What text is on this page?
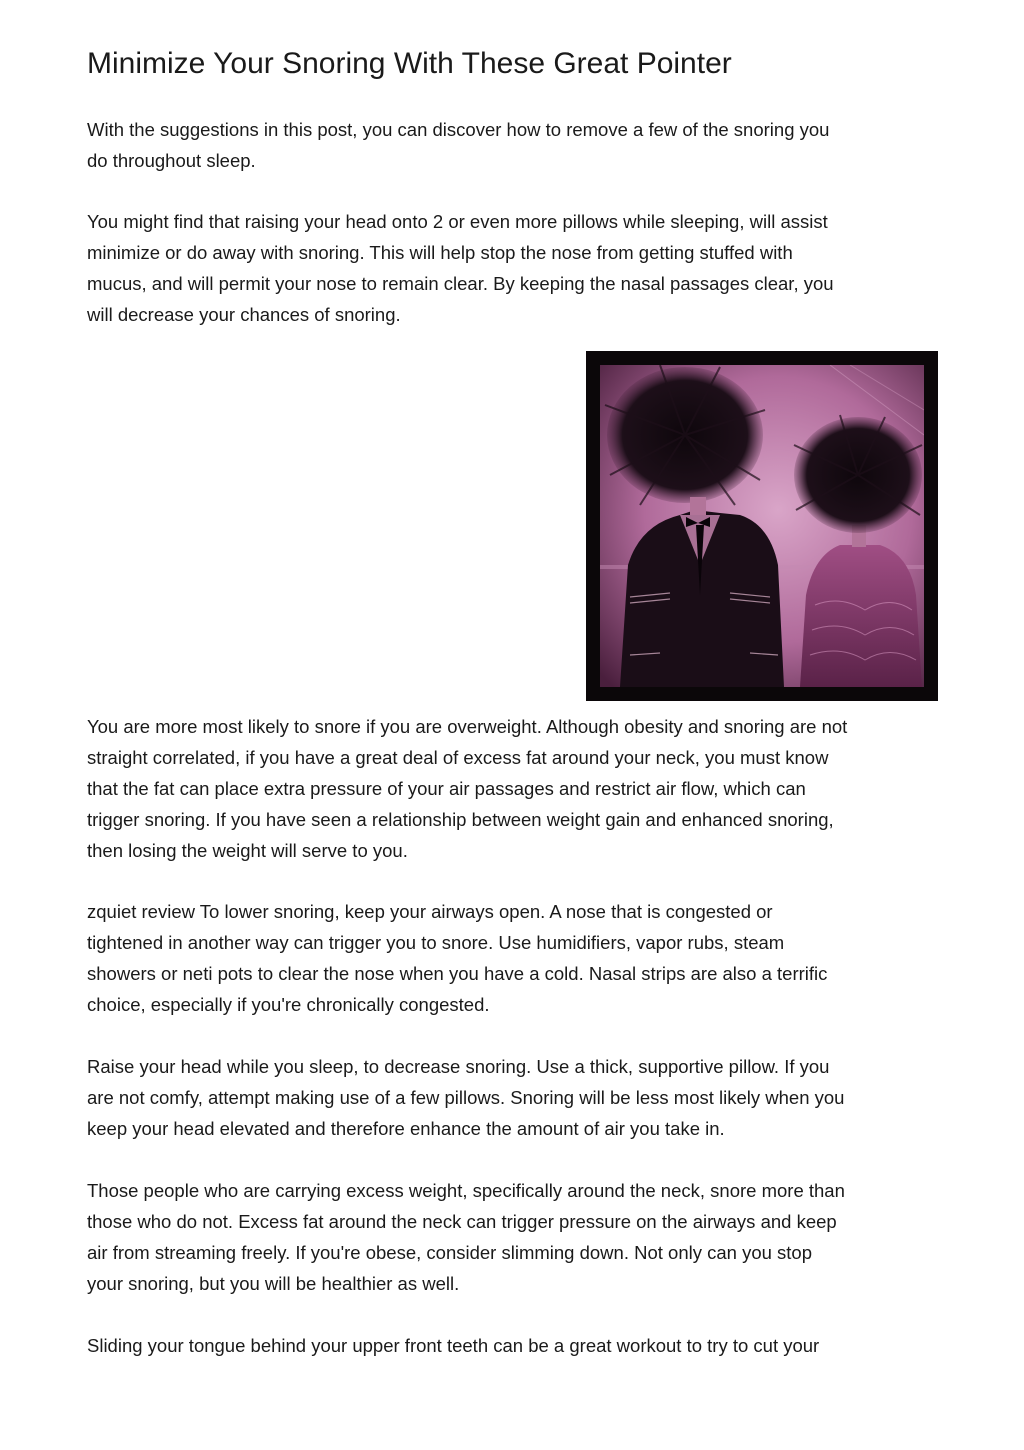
Minimize Your Snoring With These Great Pointer

With the suggestions in this post, you can discover how to remove a few of the snoring you
do throughout sleep.

You might find that raising your head onto 2 or even more pillows while sleeping, will assist
minimize or do away with snoring. This will help stop the nose from getting stuffed with
mucus, and will permit your nose to remain clear. By keeping the nasal passages clear, you
will decrease your chances of snoring.

You are more most likely to snore if you are overweight. Although obesity and snoring are not
straight correlated, if you have a great deal of excess fat around your neck, you must know
that the fat can place extra pressure of your air passages and restrict air flow, which can
trigger snoring. If you have seen a relationship between weight gain and enhanced snoring,
then losing the weight will serve to you.

zquiet review To lower snoring, keep your airways open. A nose that is congested or
tightened in another way can trigger you to snore. Use humidifiers, vapor rubs, steam
showers or neti pots to clear the nose when you have a cold. Nasal strips are also a terrific
choice, especially if you're chronically congested.

Raise your head while you sleep, to decrease snoring. Use a thick, supportive pillow. If you
are not comfy, attempt making use of a few pillows. Snoring will be less most likely when you
keep your head elevated and therefore enhance the amount of air you take in.

Those people who are carrying excess weight, specifically around the neck, snore more than
those who do not. Excess fat around the neck can trigger pressure on the airways and keep
air from streaming freely. If you're obese, consider slimming down. Not only can you stop
your snoring, but you will be healthier as well.

Sliding your tongue behind your upper front teeth can be a great workout to try to cut your
